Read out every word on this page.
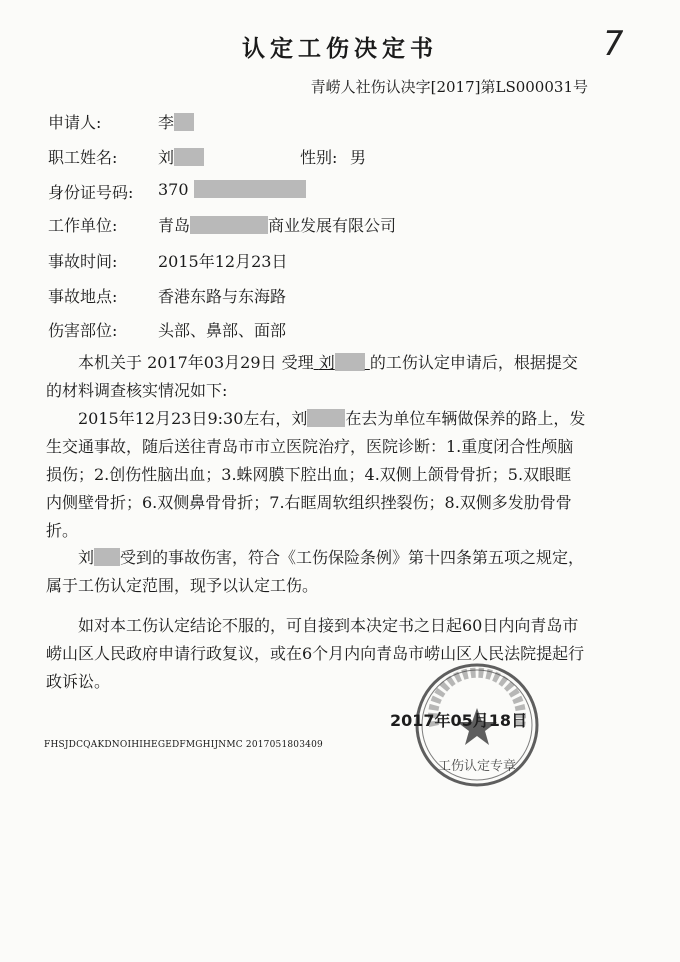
认定工伤决定书	7
青崂人社伤认决字[2017]第LS000031号
申请人:	李
职工姓名:	刘	性别: 男
身份证号码: 370
工作单位:	青岛	商业发展有限公司
事故时间:	2015年12月23日
事故地点:	香港东路与东海路
伤害部位:	头部、鼻部、面部

本机关于 2017年03月29日 受理 刘 的工伤认定申请后，根据提交的材料调查核实情况如下:

2015年12月23日9:30左右，刘 在去为单位车辆做保养的路上，发生交通事故，随后送往青岛市市立医院治疗，医院诊断：1.重度闭合性颅脑损伤；2.创伤性脑出血；3.蛛网膜下腔出血；4.双侧上颌骨骨折；5.双眼眶内侧壁骨折；6.双侧鼻骨骨折；7.右眶周软组织挫裂伤；8.双侧多发肋骨骨折。

刘 受到的事故伤害，符合《工伤保险条例》第十四条第五项之规定，属于工伤认定范围，现予以认定工伤。

如对本工伤认定结论不服的，可自接到本决定书之日起60日内向青岛市崂山区人民政府申请行政复议，或在6个月内向青岛市崂山区人民法院提起行政诉讼。

工伤认定专章
2017年05月18日
FHSJDCQAKDNOIHIHEGEDFMGHIJNMC 2017051803409
